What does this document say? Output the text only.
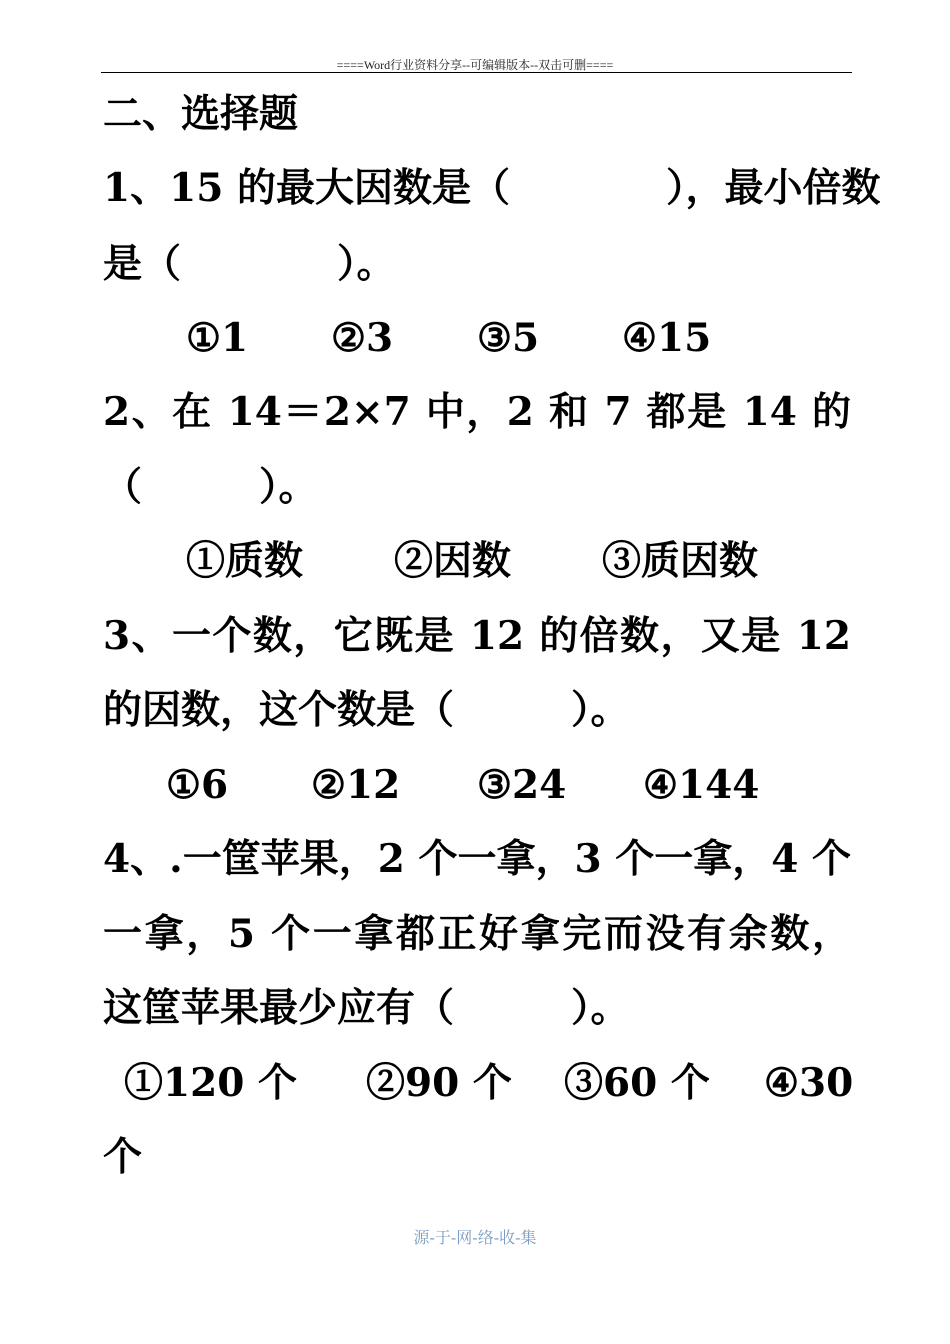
====Word行业资料分享--可编辑版本--双击可删====
二、选择题
1、15 的最大因数是（　　　　），最小倍数
是（　　　　）。
①1 ②3 ③5 ④15
2、在 14＝2×7 中，2 和 7 都是 14 的
（　　　）。
①质数 ②因数 ③质因数
3、一个数，它既是 12 的倍数，又是 12
的因数，这个数是（　　　）。
①6 ②12 ③24 ④144
4、.一筐苹果，2 个一拿，3 个一拿，4 个
一拿，5 个一拿都正好拿完而没有余数，
这筐苹果最少应有（　　　）。
①120 个 ②90 个 ③60 个 ④30
个
源-于-网-络-收-集
